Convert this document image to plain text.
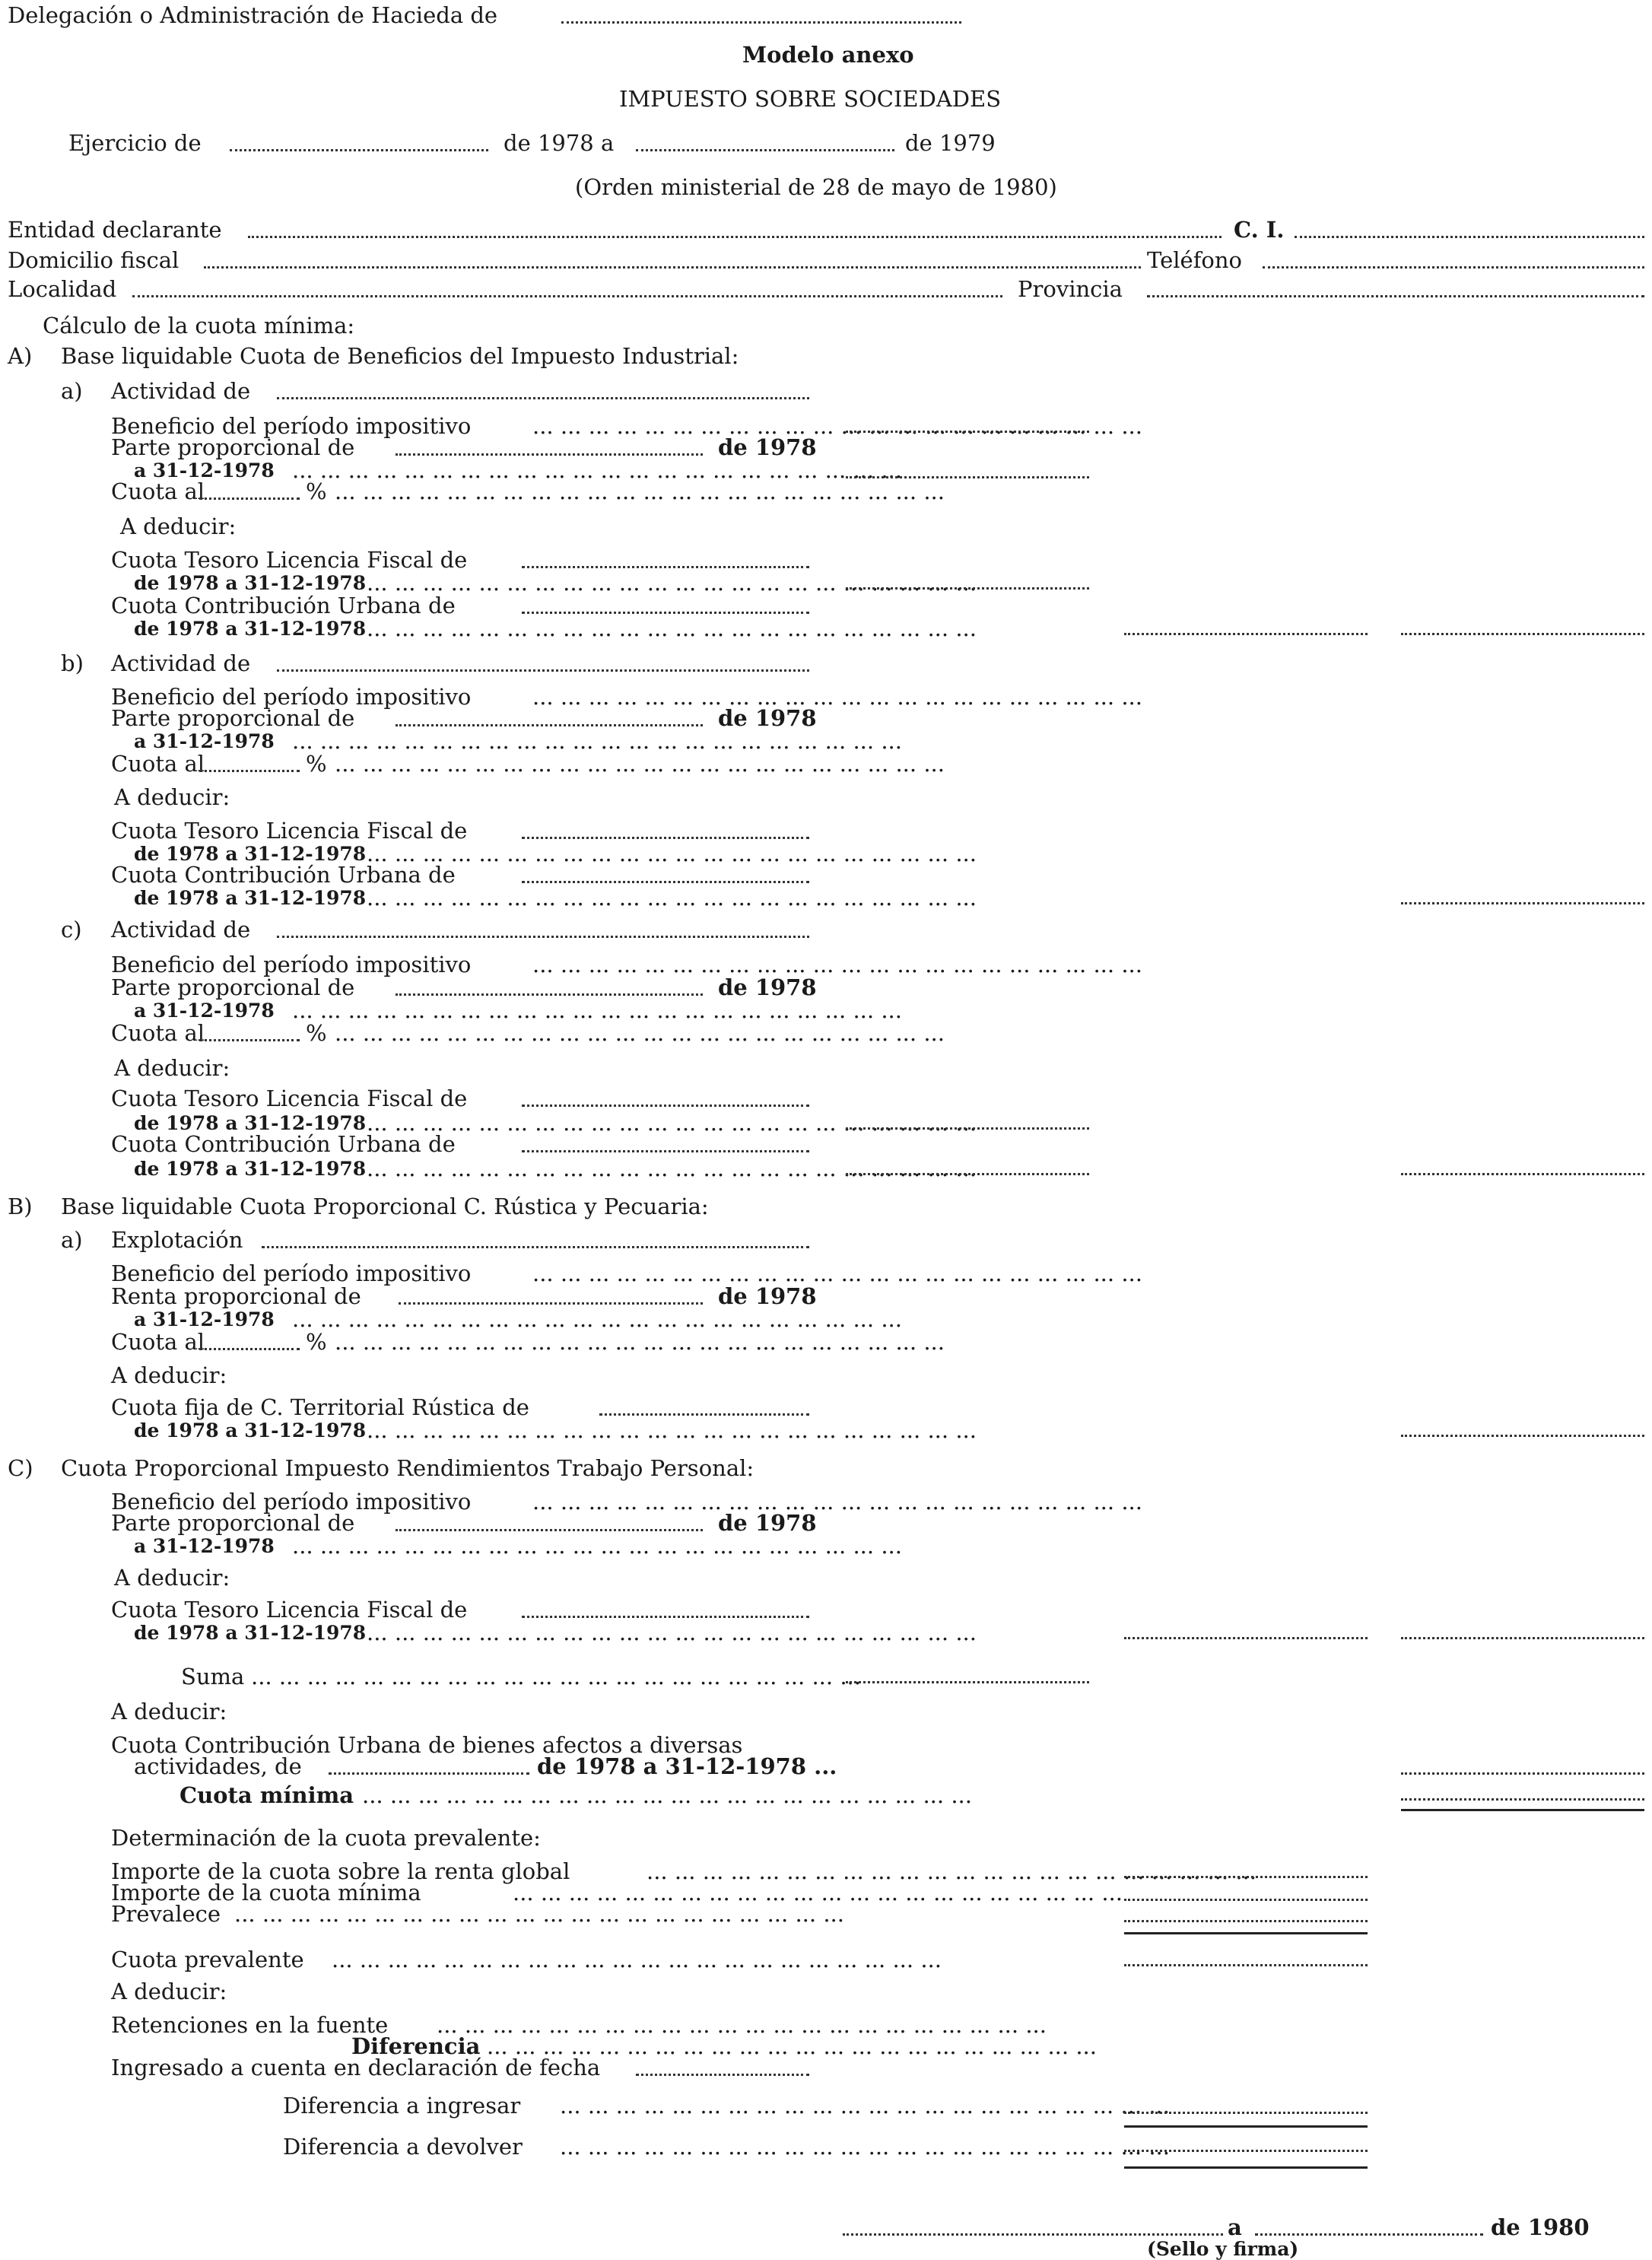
Delegación o Administración de Hacieda de
Modelo anexo
IMPUESTO SOBRE SOCIEDADES
Ejercicio de	de 1978 a	de 1979
(Orden ministerial de 28 de mayo de 1980)
Entidad declarante	C. I.
Domicilio fiscal	Teléfono
Localidad	Provincia
Cálculo de la cuota mínima:
A) Base liquidable Cuota de Beneficios del Impuesto Industrial:
a) Actividad de
Beneficio del período impositivo	... ... ... ... ... ... ... ... ... ... ... ... ... ... ... ... ... ... ... ... ... ...
Parte proporcional de	de 1978
a 31-12-1978 ... ... ... ... ... ... ... ... ... ... ... ... ... ... ... ... ... ... ... ... ... ...
Cuota al	% ... ... ... ... ... ... ... ... ... ... ... ... ... ... ... ... ... ... ... ... ... ...
A deducir:
Cuota Tesoro Licencia Fiscal de
de 1978 a 31-12-1978 ... ... ... ... ... ... ... ... ... ... ... ... ... ... ... ... ... ... ... ... ... ...
Cuota Contribución Urbana de
de 1978 a 31-12-1978 ... ... ... ... ... ... ... ... ... ... ... ... ... ... ... ... ... ... ... ... ... ...
b) Actividad de
Beneficio del período impositivo	... ... ... ... ... ... ... ... ... ... ... ... ... ... ... ... ... ... ... ... ... ...
Parte proporcional de	de 1978
a 31-12-1978 ... ... ... ... ... ... ... ... ... ... ... ... ... ... ... ... ... ... ... ... ... ...
Cuota al	% ... ... ... ... ... ... ... ... ... ... ... ... ... ... ... ... ... ... ... ... ... ...
A deducir:
Cuota Tesoro Licencia Fiscal de
de 1978 a 31-12-1978 ... ... ... ... ... ... ... ... ... ... ... ... ... ... ... ... ... ... ... ... ... ...
Cuota Contribución Urbana de
de 1978 a 31-12-1978 ... ... ... ... ... ... ... ... ... ... ... ... ... ... ... ... ... ... ... ... ... ...
c) Actividad de
Beneficio del período impositivo	... ... ... ... ... ... ... ... ... ... ... ... ... ... ... ... ... ... ... ... ... ...
Parte proporcional de	de 1978
a 31-12-1978 ... ... ... ... ... ... ... ... ... ... ... ... ... ... ... ... ... ... ... ... ... ...
Cuota al	% ... ... ... ... ... ... ... ... ... ... ... ... ... ... ... ... ... ... ... ... ... ...
A deducir:
Cuota Tesoro Licencia Fiscal de
de 1978 a 31-12-1978 ... ... ... ... ... ... ... ... ... ... ... ... ... ... ... ... ... ... ... ... ... ...
Cuota Contribución Urbana de
de 1978 a 31-12-1978 ... ... ... ... ... ... ... ... ... ... ... ... ... ... ... ... ... ... ... ... ... ...
B) Base liquidable Cuota Proporcional C. Rústica y Pecuaria:
a) Explotación
Beneficio del período impositivo	... ... ... ... ... ... ... ... ... ... ... ... ... ... ... ... ... ... ... ... ... ...
Renta proporcional de	de 1978
a 31-12-1978 ... ... ... ... ... ... ... ... ... ... ... ... ... ... ... ... ... ... ... ... ... ...
Cuota al	% ... ... ... ... ... ... ... ... ... ... ... ... ... ... ... ... ... ... ... ... ... ...
A deducir:
Cuota fija de C. Territorial Rústica de
de 1978 a 31-12-1978 ... ... ... ... ... ... ... ... ... ... ... ... ... ... ... ... ... ... ... ... ... ...
C) Cuota Proporcional Impuesto Rendimientos Trabajo Personal:
Beneficio del período impositivo	... ... ... ... ... ... ... ... ... ... ... ... ... ... ... ... ... ... ... ... ... ...
Parte proporcional de	de 1978
a 31-12-1978 ... ... ... ... ... ... ... ... ... ... ... ... ... ... ... ... ... ... ... ... ... ...
A deducir:
Cuota Tesoro Licencia Fiscal de
de 1978 a 31-12-1978 ... ... ... ... ... ... ... ... ... ... ... ... ... ... ... ... ... ... ... ... ... ...
Suma ... ... ... ... ... ... ... ... ... ... ... ... ... ... ... ... ... ... ... ... ... ...
A deducir:
Cuota Contribución Urbana de bienes afectos a diversas
actividades, de	de 1978 a 31-12-1978 ...
Cuota mínima ... ... ... ... ... ... ... ... ... ... ... ... ... ... ... ... ... ... ... ... ... ...
Determinación de la cuota prevalente:
Importe de la cuota sobre la renta global	... ... ... ... ... ... ... ... ... ... ... ... ... ... ... ... ... ... ... ... ... ...
Importe de la cuota mínima	... ... ... ... ... ... ... ... ... ... ... ... ... ... ... ... ... ... ... ... ... ...
Prevalece ... ... ... ... ... ... ... ... ... ... ... ... ... ... ... ... ... ... ... ... ... ...
Cuota prevalente ... ... ... ... ... ... ... ... ... ... ... ... ... ... ... ... ... ... ... ... ... ...
A deducir:
Retenciones en la fuente ... ... ... ... ... ... ... ... ... ... ... ... ... ... ... ... ... ... ... ... ... ...
Diferencia ... ... ... ... ... ... ... ... ... ... ... ... ... ... ... ... ... ... ... ... ... ...
Ingresado a cuenta en declaración de fecha
Diferencia a ingresar ... ... ... ... ... ... ... ... ... ... ... ... ... ... ... ... ... ... ... ... ... ...
Diferencia a devolver ... ... ... ... ... ... ... ... ... ... ... ... ... ... ... ... ... ... ... ... ... ...
a	de 1980
(Sello y firma)
